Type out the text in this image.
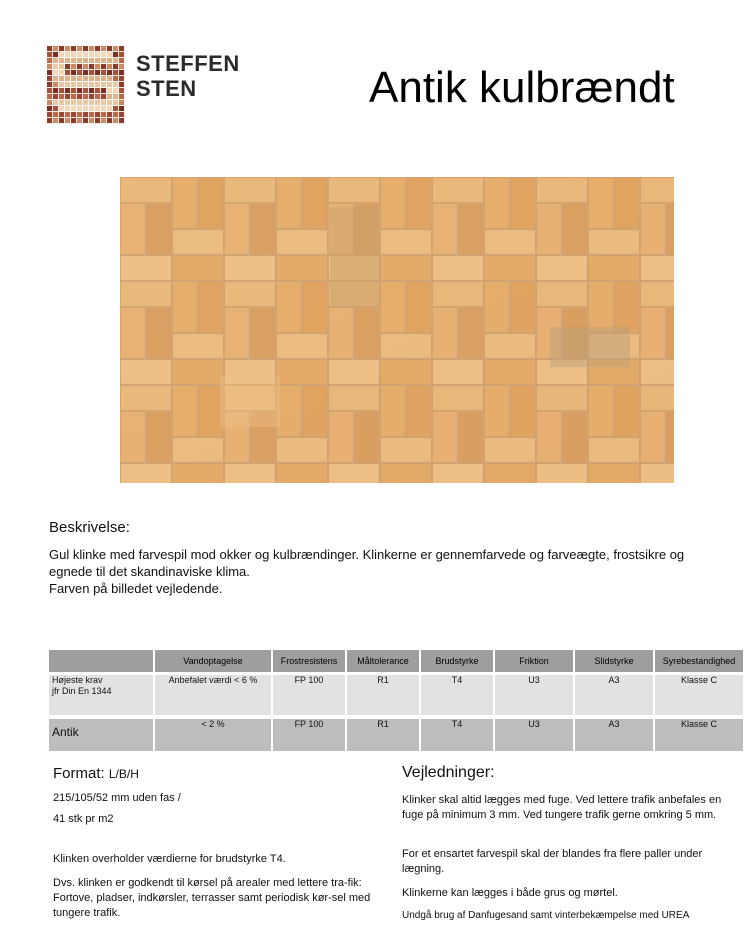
STEFFEN
STEN	Antik kulbrændt
Beskrivelse:
Gul klinke med farvespil mod okker og kulbrændinger. Klinkerne er gennemfarvede og farveægte, frostsikre og
egnede til det skandinaviske klima.
Farven på billedet vejledende.
	Vandoptagelse	Frostresistens	Måltolerance	Brudstyrke	Friktion	Slidstyrke	Syrebestandighed

Højeste krav
jfr Din En 1344	Anbefalet værdi < 6 %	FP 100	R1	T4	U3	A3	Klasse C

Antik	< 2 %	FP 100	R1	T4	U3	A3	Klasse C
Format: L/B/H
215/105/52 mm uden fas /
41 stk pr m2
Klinken overholder værdierne for brudstyrke T4.
Dvs. klinken er godkendt til kørsel på arealer med lettere tra-fik: Fortove, pladser, indkørsler, terrasser samt periodisk kør-sel med tungere trafik.
Vejledninger:
Klinker skal altid lægges med fuge. Ved lettere trafik anbefales en fuge på minimum 3 mm. Ved tungere trafik gerne omkring 5 mm.
For et ensartet farvespil skal der blandes fra flere paller under lægning.
Klinkerne kan lægges i både grus og mørtel.
Undgå brug af Danfugesand samt vinterbekæmpelse med UREA
